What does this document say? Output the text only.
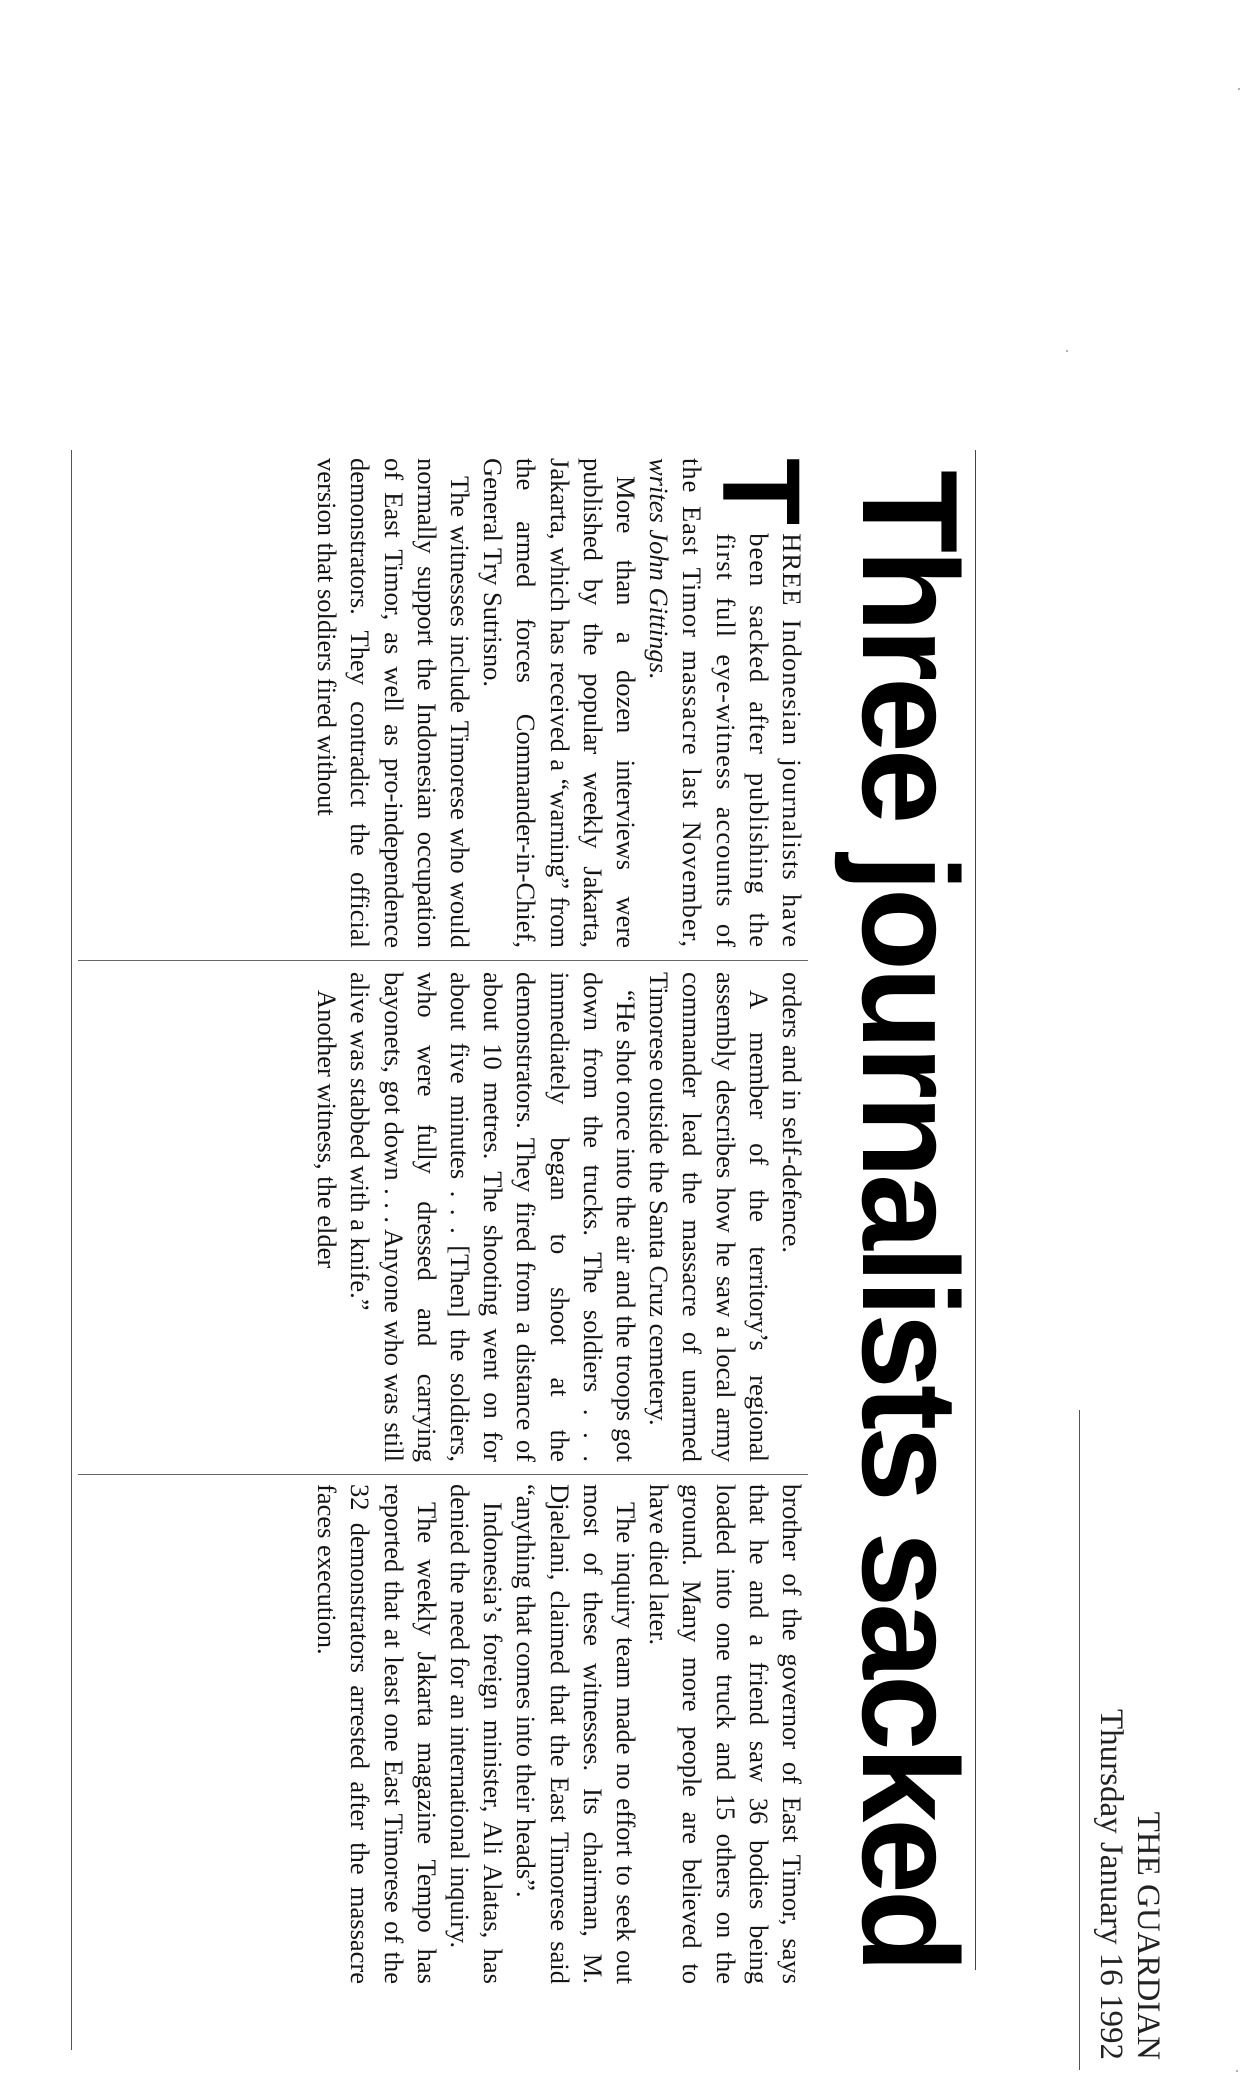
THE GUARDIAN
Thursday January 16 1992
Three journalists sacked
T

HREE Indonesian journalists have been sacked after publishing the first full eye-witness accounts of the East Timor massacre last November, writes John Gittings.

More than a dozen interviews were published by the popular weekly Jakarta, Jakarta, which has received a “warning” from the armed forces Commander-in-Chief, General Try Sutrisno.

The witnesses include Timorese who would normally support the Indonesian occupation of East Timor, as well as pro-independence demonstrators. They contradict the official version that soldiers fired without

orders and in self-defence.

A member of the territory’s regional assembly describes how he saw a local army commander lead the massacre of unarmed Timorese outside the Santa Cruz cemetery.

“He shot once into the air and the troops got down from the trucks. The soldiers . . . immediately began to shoot at the demonstrators. They fired from a distance of about 10 metres. The shooting went on for about five minutes . . . [Then] the soldiers, who were fully dressed and carrying bayonets, got down . . . Anyone who was still alive was stabbed with a knife.”

Another witness, the elder

brother of the governor of East Timor, says that he and a friend saw 36 bodies being loaded into one truck and 15 others on the ground. Many more people are believed to have died later.

The inquiry team made no effort to seek out most of these witnesses. Its chairman, M. Djaelani, claimed that the East Timorese said “anything that comes into their heads”.

Indonesia’s foreign minister, Ali Alatas, has denied the need for an international inquiry.

The weekly Jakarta magazine Tempo has reported that at least one East Timorese of the 32 demonstrators arrested after the massacre faces execution.
